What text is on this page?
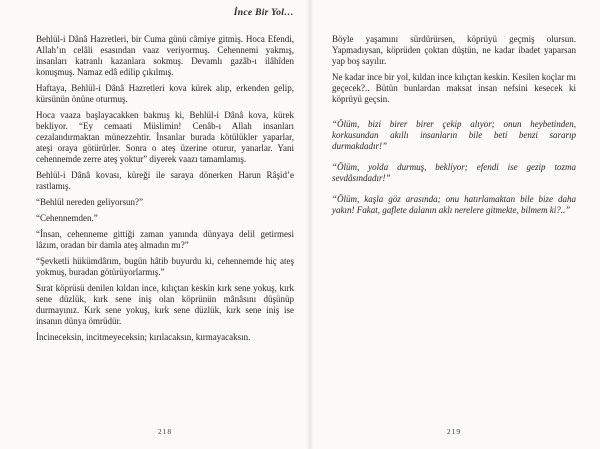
İnce Bir Yol…

Behlül-i Dânâ Hazretleri, bir Cuma günü câmiye gitmiş. Hoca Efendi, Allah’ın celâli esasından vaaz veriyormuş. Cehennemi yakmış, insanları katranlı kazanlara sokmuş. Devamlı gazâb-ı ilâhîden konuşmuş. Namaz edâ edilip çıkılmış.

Haftaya, Behlül-i Dânâ Hazretleri kova kürek alıp, erkenden gelip, kürsünün önüne oturmuş.

Hoca vaaza başlayacakken bakmış ki, Behlül-i Dânâ kova, kürek bekliyor. “Ey cemaati Müslimin! Cenâb-ı Allah insanları cezalandırmaktan münezzehtir. İnsanlar burada kötülükler yaparlar, ateşi oraya götürürler. Sonra o ateş üzerine oturur, yanarlar. Yani cehennemde zerre ateş yoktur” diyerek vaazı tamamlamış.

Behlül-i Dânâ kovası, küreği ile saraya dönerken Harun Râşid’e rastlamış.

“Behlül nereden geliyorsun?”

“Cehennemden.”

“İnsan, cehenneme gittiği zaman yanında dünyaya delil getirmesi lâzım, oradan bir damla ateş almadın mı?”

“Şevketli hükümdârım, bugün hâtib buyurdu ki, cehennemde hiç ateş yokmuş, buradan götürüyorlarmış.”

Sırat köprüsü denilen kıldan ince, kılıçtan keskin kırk sene yokuş, kırk sene düzlük, kırk sene iniş olan köprünün mânâsını düşünüp durmayınız. Kırk sene yokuş, kırk sene düzlük, kırk sene iniş ise insanın dünya ömrüdür.

İncineceksin, incitmeyeceksin; kırılacaksın, kırmayacaksın.

218

Böyle yaşamını sürdürürsen, köprüyü geçmiş olursun. Yapmadıysan, köprüden çoktan düştün, ne kadar ibadet yaparsan yap boş sayılır.

Ne kadar ince bir yol, kıldan ince kılıçtan keskin. Kesilen koçlar mı geçecek?.. Bütün bunlardan maksat insan nefsini kesecek ki köprüyü geçsin.

“Ölüm, bizi birer birer çekip alıyor; onun heybetinden, korkusundan akıllı insanların bile beti benzi sararıp durmakdadır!”

“Ölüm, yolda durmuş, bekliyor; efendi ise gezip tozma sevdâsındadır!”

“Ölüm, kaşla göz arasında; onu hatırlamaktan bile bize daha yakın! Fakat, gaflete dalanın aklı nerelere gitmekte, bilmem ki?..”

219
